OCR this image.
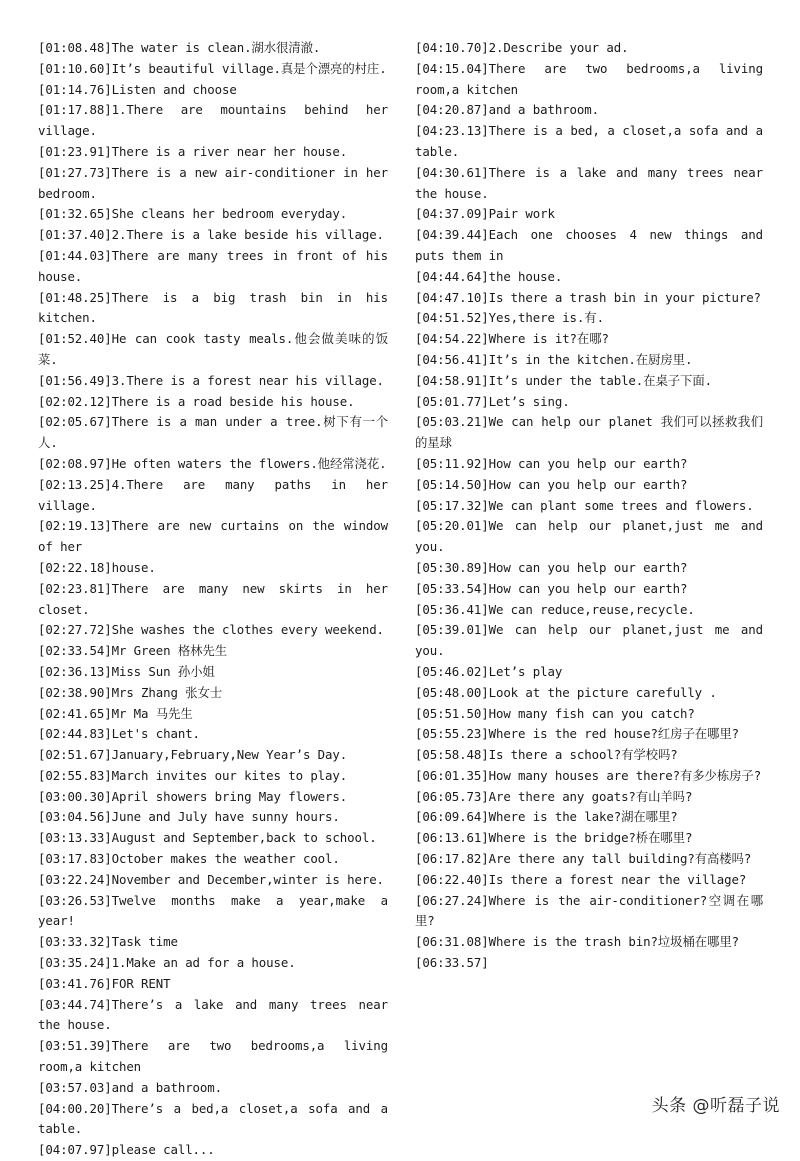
[01:08.48]The water is clean.湖水很清澈.

[01:10.60]It’s beautiful village.真是个漂亮的村庄.

[01:14.76]Listen and choose

[01:17.88]1.There are mountains behind her village.

[01:23.91]There is a river near her house.

[01:27.73]There is a new air-conditioner in her bedroom.

[01:32.65]She cleans her bedroom everyday.

[01:37.40]2.There is a lake beside his village.

[01:44.03]There are many trees in front of his house.

[01:48.25]There is a big trash bin in his kitchen.

[01:52.40]He can cook tasty meals.他会做美味的饭菜.

[01:56.49]3.There is a forest near his village.

[02:02.12]There is a road beside his house.

[02:05.67]There is a man under a tree.树下有一个人.

[02:08.97]He often waters the flowers.他经常浇花.

[02:13.25]4.There are many paths in her village.

[02:19.13]There are new curtains on the window of her

[02:22.18]house.

[02:23.81]There are many new skirts in her closet.

[02:27.72]She washes the clothes every weekend.

[02:33.54]Mr Green 格林先生

[02:36.13]Miss Sun 孙小姐

[02:38.90]Mrs Zhang 张女士

[02:41.65]Mr Ma 马先生

[02:44.83]Let's chant.

[02:51.67]January,February,New Year’s Day.

[02:55.83]March invites our kites to play.

[03:00.30]April showers bring May flowers.

[03:04.56]June and July have sunny hours.

[03:13.33]August and September,back to school.

[03:17.83]October makes the weather cool.

[03:22.24]November and December,winter is here.

[03:26.53]Twelve months make a year,make a year!

[03:33.32]Task time

[03:35.24]1.Make an ad for a house.

[03:41.76]FOR RENT

[03:44.74]There’s a lake and many trees near the house.

[03:51.39]There are two bedrooms,a living room,a kitchen

[03:57.03]and a bathroom.

[04:00.20]There’s a bed,a closet,a sofa and a table.

[04:07.97]please call...

[04:10.70]2.Describe your ad.

[04:15.04]There are two bedrooms,a living room,a kitchen

[04:20.87]and a bathroom.

[04:23.13]There is a bed, a closet,a sofa and a table.

[04:30.61]There is a lake and many trees near the house.

[04:37.09]Pair work

[04:39.44]Each one chooses 4 new things and puts them in

[04:44.64]the house.

[04:47.10]Is there a trash bin in your picture?

[04:51.52]Yes,there is.有.

[04:54.22]Where is it?在哪?

[04:56.41]It’s in the kitchen.在厨房里.

[04:58.91]It’s under the table.在桌子下面.

[05:01.77]Let’s sing.

[05:03.21]We can help our planet 我们可以拯救我们的星球

[05:11.92]How can you help our earth?

[05:14.50]How can you help our earth?

[05:17.32]We can plant some trees and flowers.

[05:20.01]We can help our planet,just me and you.

[05:30.89]How can you help our earth?

[05:33.54]How can you help our earth?

[05:36.41]We can reduce,reuse,recycle.

[05:39.01]We can help our planet,just me and you.

[05:46.02]Let’s play

[05:48.00]Look at the picture carefully .

[05:51.50]How many fish can you catch?

[05:55.23]Where is the red house?红房子在哪里?

[05:58.48]Is there a school?有学校吗?

[06:01.35]How many houses are there?有多少栋房子?

[06:05.73]Are there any goats?有山羊吗?

[06:09.64]Where is the lake?湖在哪里?

[06:13.61]Where is the bridge?桥在哪里?

[06:17.82]Are there any tall building?有高楼吗?

[06:22.40]Is there a forest near the village?

[06:27.24]Where is the air-conditioner?空调在哪里?

[06:31.08]Where is the trash bin?垃圾桶在哪里?

[06:33.57]

头条 @听磊子说
